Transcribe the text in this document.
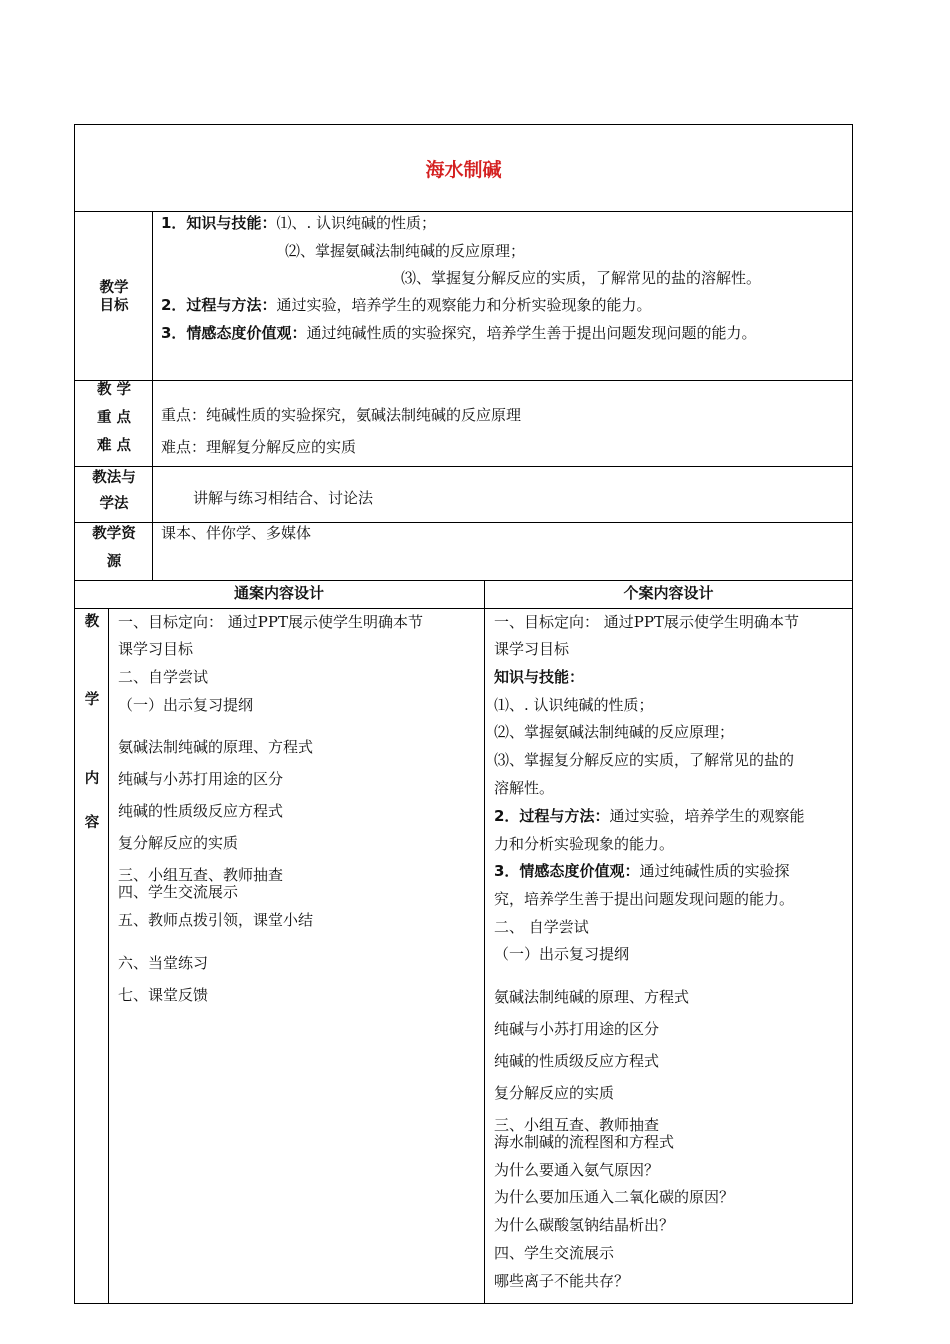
海水制碱
教学
目标
1．知识与技能：⑴、. 认识纯碱的性质；
⑵、掌握氨碱法制纯碱的反应原理；
⑶、掌握复分解反应的实质，了解常见的盐的溶解性。
2．过程与方法：通过实验，培养学生的观察能力和分析实验现象的能力。
3．情感态度价值观：通过纯碱性质的实验探究，培养学生善于提出问题发现问题的能力。
教 学
重 点
难 点
重点：纯碱性质的实验探究，氨碱法制纯碱的反应原理
难点：理解复分解反应的实质
教法与
学法	讲解与练习相结合、讨论法
教学资
源
课本、伴你学、多媒体
通案内容设计	个案内容设计
教
学
内
容
一、目标定向： 通过PPT展示使学生明确本节
课学习目标
二、自学尝试
（一）出示复习提纲
氨碱法制纯碱的原理、方程式
纯碱与小苏打用途的区分
纯碱的性质级反应方程式
复分解反应的实质
三、小组互查、教师抽查
四、学生交流展示
五、教师点拨引领，课堂小结
六、当堂练习
七、课堂反馈
一、目标定向： 通过PPT展示使学生明确本节
课学习目标
知识与技能：
⑴、. 认识纯碱的性质；
⑵、掌握氨碱法制纯碱的反应原理；
⑶、掌握复分解反应的实质，了解常见的盐的
溶解性。
2．过程与方法：通过实验，培养学生的观察能
力和分析实验现象的能力。
3．情感态度价值观：通过纯碱性质的实验探
究，培养学生善于提出问题发现问题的能力。
二、 自学尝试
（一）出示复习提纲
氨碱法制纯碱的原理、方程式
纯碱与小苏打用途的区分
纯碱的性质级反应方程式
复分解反应的实质
三、小组互查、教师抽查
海水制碱的流程图和方程式
为什么要通入氨气原因？
为什么要加压通入二氧化碳的原因？
为什么碳酸氢钠结晶析出？
四、学生交流展示
哪些离子不能共存？
